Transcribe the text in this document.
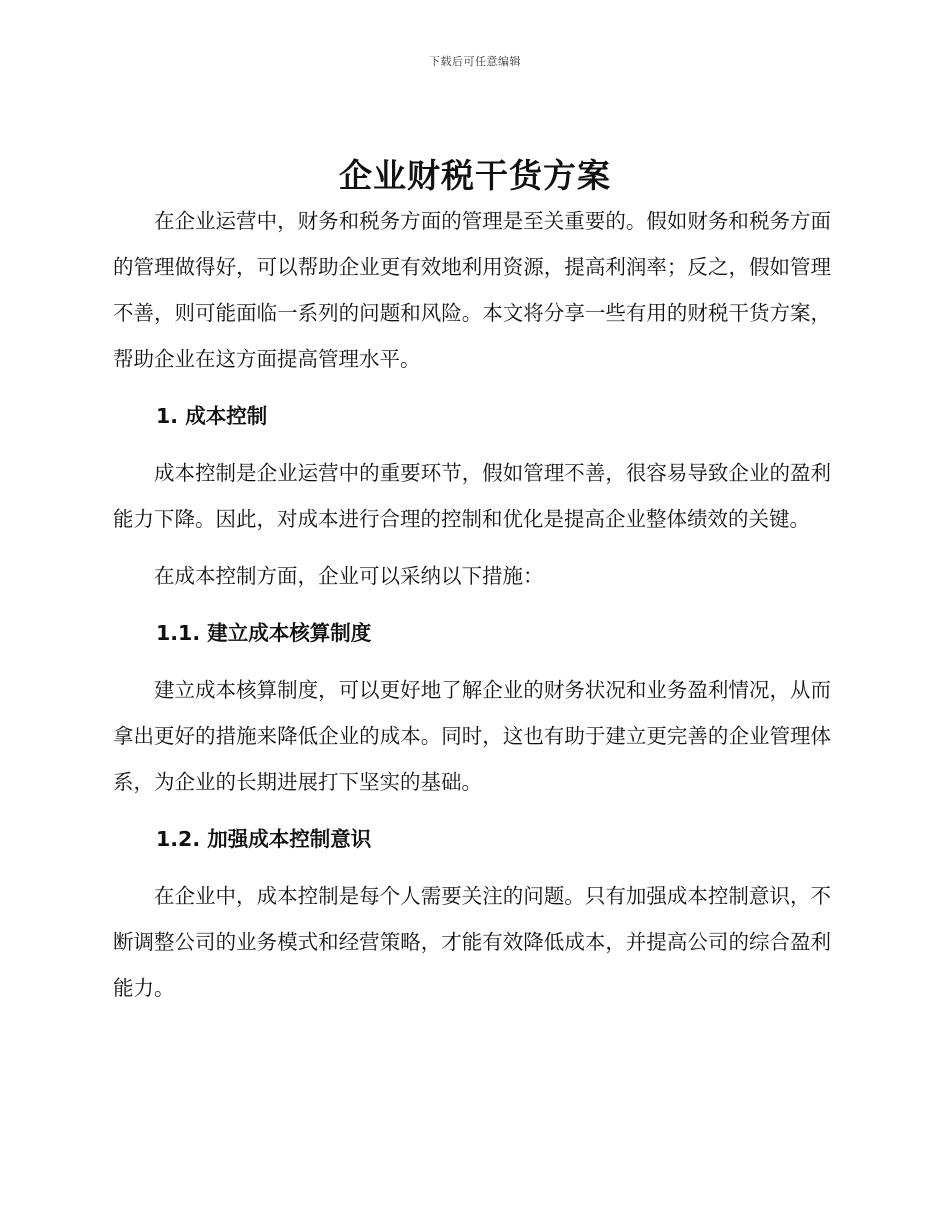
下载后可任意编辑
企业财税干货方案

在企业运营中，财务和税务方面的管理是至关重要的。假如财务和税务方面的管理做得好，可以帮助企业更有效地利用资源，提高利润率；反之，假如管理不善，则可能面临一系列的问题和风险。本文将分享一些有用的财税干货方案，帮助企业在这方面提高管理水平。

1. 成本控制

成本控制是企业运营中的重要环节，假如管理不善，很容易导致企业的盈利能力下降。因此，对成本进行合理的控制和优化是提高企业整体绩效的关键。

在成本控制方面，企业可以采纳以下措施：

1.1. 建立成本核算制度

建立成本核算制度，可以更好地了解企业的财务状况和业务盈利情况，从而拿出更好的措施来降低企业的成本。同时，这也有助于建立更完善的企业管理体系，为企业的长期进展打下坚实的基础。

1.2. 加强成本控制意识

在企业中，成本控制是每个人需要关注的问题。只有加强成本控制意识，不断调整公司的业务模式和经营策略，才能有效降低成本，并提高公司的综合盈利能力。
